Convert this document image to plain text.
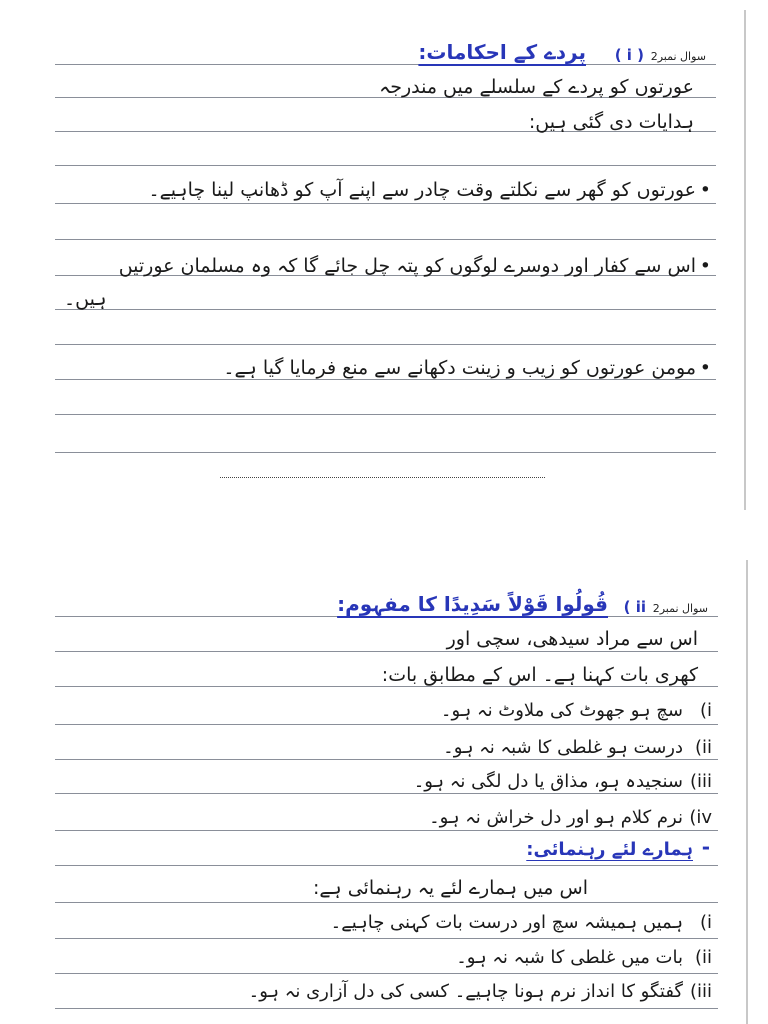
سوال نمبر2
( i )
پردے کے احکامات:
عورتوں کو پردے کے سلسلے میں مندرجہ
ہدایات دی گئی ہیں:
•
عورتوں کو گھر سے نکلتے وقت چادر سے اپنے آپ کو ڈھانپ لینا چاہیے۔
•
اس سے کفار اور دوسرے لوگوں کو پتہ چل جائے گا کہ وہ مسلمان عورتیں
ہیں۔
•
مومن عورتوں کو زیب و زینت دکھانے سے منع فرمایا گیا ہے۔
سوال نمبر2
( ii
قُولُوا قَوْلاً سَدِيدًا کا مفہوم:
اس سے مراد سیدھی، سچی اور
کھری بات کہنا ہے۔ اس کے مطابق بات:
i)
سچ ہو جھوٹ کی ملاوٹ نہ ہو۔
ii)
درست ہو غلطی کا شبہ نہ ہو۔
iii)
سنجیدہ ہو، مذاق یا دل لگی نہ ہو۔
iv)
نرم کلام ہو اور دل خراش نہ ہو۔
-
ہمارے لئے رہنمائی:
اس میں ہمارے لئے یہ رہنمائی ہے:
i)
ہمیں ہمیشہ سچ اور درست بات کہنی چاہیے۔
ii)
بات میں غلطی کا شبہ نہ ہو۔
iii)
گفتگو کا انداز نرم ہونا چاہیے۔ کسی کی دل آزاری نہ ہو۔
